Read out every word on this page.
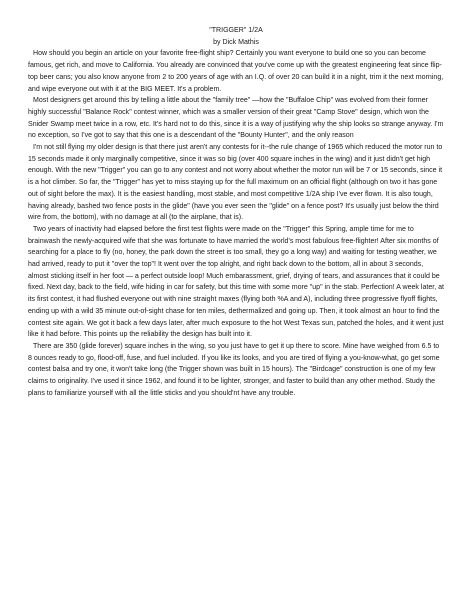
"TRIGGER" 1/2A

by Dick Mathis

How should you begin an article on your favorite free-flight ship? Certainly you want everyone to build one so you can become famous, get rich, and move to California. You already are convinced that you've come up with the greatest engineering feat since flip-top beer cans; you also know anyone from 2 to 200 years of age with an I.Q. of over 20 can build it in a night, trim it the next morning, and wipe everyone out with it at the BIG MEET. It's a problem.

Most designers get around this by telling a little about the "family tree" —how the "Buffaloe Chip" was evolved from their former highly successful "Balance Rock" contest winner, which was a smaller version of their great "Camp Stove" design, which won the Snider Swamp meet twice in a row, etc. It's hard not to do this, since it is a way of justifying why the ship looks so strange anyway. I'm no exception, so I've got to say that this one is a descendant of the "Bounty Hunter", and the only reason

I'm not still flying my older design is that there just aren't any contests for it--the rule change of 1965 which reduced the motor run to 15 seconds made it only marginally competitive, since it was so big (over 400 square inches in the wing) and it just didn't get high enough. With the new "Trigger" you can go to any contest and not worry about whether the motor run will be 7 or 15 seconds, since it is a hot climber. So far, the "Trigger" has yet to miss staying up for the full maximum on an official flight (although on two it has gone out of sight before the max). It is the easiest handling, most stable, and most competitive 1/2A ship I've ever flown. It is also tough, having already, bashed two fence posts in the glide" (have you ever seen the "glide" on a fence post? It's usually just below the third wire from, the bottom), with no damage at all (to the airplane, that is).

Two years of inactivity had elapsed before the first test flights were made on the "Trigger" this Spring, ample time for me to brainwash the newly-acquired wife that she was fortunate to have married the world's most fabulous free-flighter! After six months of searching for a place to fly (no, honey, the park down the street is too small, they go a long way) and waiting for testing weather, we had arrived, ready to put it "over the top"! It went over the top alright, and right back down to the bottom, all in about 3 seconds, almost sticking itself in her foot — a perfect outside loop! Much embarassment, grief, drying of tears, and assurances that it could be fixed. Next day, back to the field, wife hiding in car for safety, but this time with some more "up" in the stab. Perfection! A week later, at its first contest, it had flushed everyone out with nine straight maxes (flying both %A and A), including three progressive flyoff flights, ending up with a wild 35 minute out-of-sight chase for ten miles, dethermalized and going up. Then, it took almost an hour to find the contest site again. We got it back a few days later, after much exposure to the hot West Texas sun, patched the holes, and it went just like it had before. This points up the reliability the design has built into it.

There are 350 (glide forever) square inches in the wing, so you just have to get it up there to score. Mine have weighed from 6.5 to 8 ounces ready to go, flood-off, fuse, and fuel included. If you like its looks, and you are tired of flying a you-know-what, go get some contest balsa and try one, it won't take long (the Trigger shown was built in 15 hours). The "Birdcage" construction is one of my few claims to originality. I've used it since 1962, and found it to be lighter, stronger, and faster to build than any other method. Study the plans to familiarize yourself with all the little sticks and you should'nt have any trouble.
